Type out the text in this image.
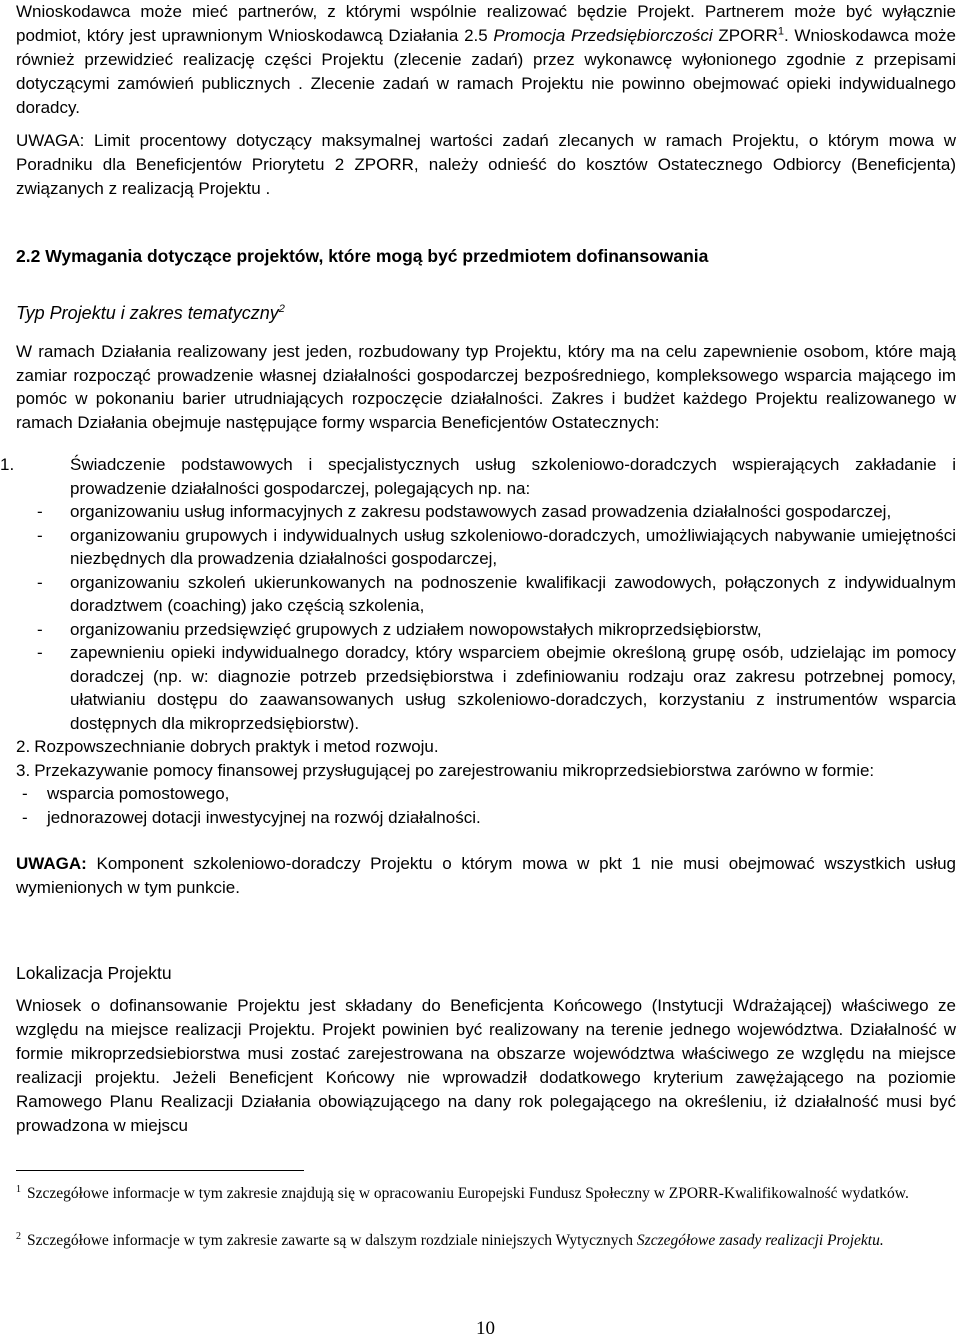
Wnioskodawca może mieć partnerów, z którymi wspólnie realizować będzie Projekt. Partnerem może być wyłącznie podmiot, który jest uprawnionym Wnioskodawcą Działania 2.5 Promocja Przedsiębiorczości ZPORR$^1$. Wnioskodawca może również przewidzieć realizację części Projektu (zlecenie zadań) przez wykonawcę wyłonionego zgodnie z przepisami dotyczącymi zamówień publicznych . Zlecenie zadań w ramach Projektu nie powinno obejmować opieki indywidualnego doradcy.
UWAGA: Limit procentowy dotyczący maksymalnej wartości zadań zlecanych w ramach Projektu, o którym mowa w Poradniku dla Beneficjentów Priorytetu 2 ZPORR, należy odnieść do kosztów Ostatecznego Odbiorcy (Beneficjenta) związanych z realizacją Projektu .
2.2 Wymagania dotyczące projektów, które mogą być przedmiotem dofinansowania
Typ Projektu i zakres tematyczny$^2$
W ramach Działania realizowany jest jeden, rozbudowany typ Projektu, który ma na celu zapewnienie osobom, które mają zamiar rozpocząć prowadzenie własnej działalności gospodarczej bezpośredniego, kompleksowego wsparcia mającego im pomóc w pokonaniu barier utrudniających rozpoczęcie działalności. Zakres i budżet każdego Projektu realizowanego w ramach Działania obejmuje następujące formy wsparcia Beneficjentów Ostatecznych:
1.	Świadczenie podstawowych i specjalistycznych usług szkoleniowo-doradczych wspierających zakładanie i prowadzenie działalności gospodarczej, polegających np. na:
- organizowaniu usług informacyjnych z zakresu podstawowych zasad prowadzenia działalności gospodarczej,
- organizowaniu grupowych i indywidualnych usług szkoleniowo-doradczych, umożliwiających nabywanie umiejętności niezbędnych dla prowadzenia działalności gospodarczej,
- organizowaniu szkoleń ukierunkowanych na podnoszenie kwalifikacji zawodowych, połączonych z indywidualnym doradztwem (coaching) jako częścią szkolenia,
- organizowaniu przedsięwzięć grupowych z udziałem nowopowstałych mikroprzedsiębiorstw,
- zapewnieniu opieki indywidualnego doradcy, który wsparciem obejmie określoną grupę osób, udzielając im pomocy doradczej (np. w: diagnozie potrzeb przedsiębiorstwa i zdefiniowaniu rodzaju oraz zakresu potrzebnej pomocy, ułatwianiu dostępu do zaawansowanych usług szkoleniowo-doradczych, korzystaniu z instrumentów wsparcia dostępnych dla mikroprzedsiębiorstw).
2. Rozpowszechnianie dobrych praktyk i metod rozwoju.
3. Przekazywanie pomocy finansowej przysługującej po zarejestrowaniu mikroprzedsiebiorstwa zarówno w formie:
- wsparcia pomostowego,
- jednorazowej dotacji inwestycyjnej na rozwój działalności.
UWAGA: Komponent szkoleniowo-doradczy Projektu o którym mowa w pkt 1 nie musi obejmować wszystkich usług wymienionych w tym punkcie.
Lokalizacja Projektu
Wniosek o dofinansowanie Projektu jest składany do Beneficjenta Końcowego (Instytucji Wdrażającej) właściwego ze względu na miejsce realizacji Projektu. Projekt powinien być realizowany na terenie jednego województwa. Działalność w formie mikroprzedsiebiorstwa musi zostać zarejestrowana na obszarze województwa właściwego ze względu na miejsce realizacji projektu. Jeżeli Beneficjent Końcowy nie wprowadził dodatkowego kryterium zawężającego na poziomie Ramowego Planu Realizacji Działania obowiązującego na dany rok polegającego na określeniu, iż działalność musi być prowadzona w miejscu
$^1$ Szczegółowe informacje w tym zakresie znajdują się w opracowaniu Europejski Fundusz Społeczny w ZPORR-Kwalifikowalność wydatków.
$^2$ Szczegółowe informacje w tym zakresie zawarte są w dalszym rozdziale niniejszych Wytycznych Szczegółowe zasady realizacji Projektu.
10
